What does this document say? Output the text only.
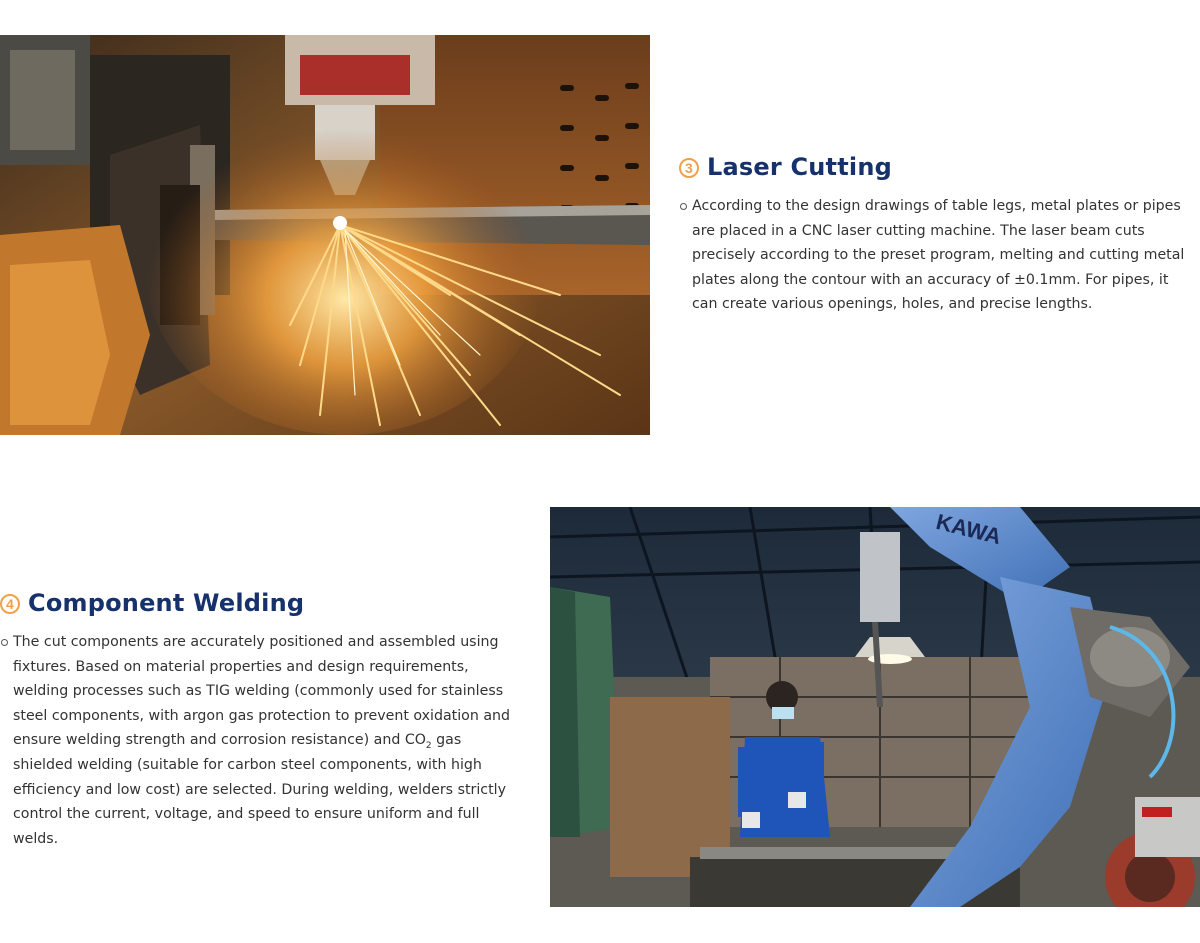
3 Laser Cutting

According to the design drawings of table legs, metal plates or pipes are placed in a CNC laser cutting machine. The laser beam cuts precisely according to the preset program, melting and cutting metal plates along the contour with an accuracy of ±0.1mm. For pipes, it can create various openings, holes, and precise lengths.

4 Component Welding

The cut components are accurately positioned and assembled using fixtures. Based on material properties and design requirements, welding processes such as TIG welding (commonly used for stainless steel components, with argon gas protection to prevent oxidation and ensure welding strength and corrosion resistance) and $CO_2$ gas shielded welding (suitable for carbon steel components, with high efficiency and low cost) are selected. During welding, welders strictly control the current, voltage, and speed to ensure uniform and full welds.

KAWA
